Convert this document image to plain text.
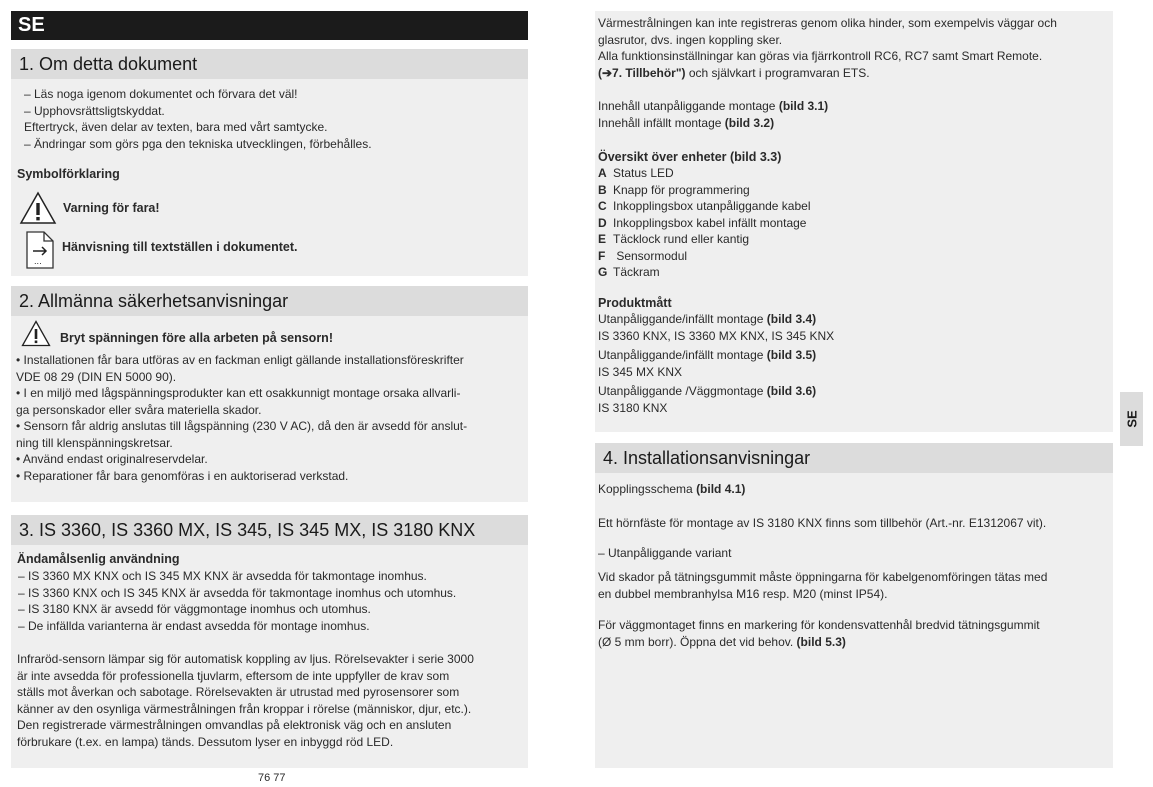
SE
1. Om detta dokument
– Läs noga igenom dokumentet och förvara det väl!
– Upphovsrättsligtskyddat.
Eftertryck, även delar av texten, bara med vårt samtycke.
– Ändringar som görs pga den tekniska utvecklingen, förbehålles.
Symbolförklaring
Varning för fara!
...
Hänvisning till textställen i dokumentet.
2. Allmänna säkerhetsanvisningar
Bryt spänningen före alla arbeten på sensorn!
• Installationen får bara utföras av en fackman enligt gällande installationsföreskrifter
VDE 08 29 (DIN EN 5000 90).
• I en miljö med lågspänningsprodukter kan ett osakkunnigt montage orsaka allvarli-
ga personskador eller svåra materiella skador.
• Sensorn får aldrig anslutas till lågspänning (230 V AC), då den är avsedd för anslut-
ning till klenspänningskretsar.
• Använd endast originalreservdelar.
• Reparationer får bara genomföras i en auktoriserad verkstad.
3. IS 3360, IS 3360 MX, IS 345, IS 345 MX, IS 3180 KNX
Ändamålsenlig användning
– IS 3360 MX KNX och IS 345 MX KNX är avsedda för takmontage inomhus.
– IS 3360 KNX och IS 345 KNX är avsedda för takmontage inomhus och utomhus.
– IS 3180 KNX är avsedd för väggmontage inomhus och utomhus.
– De infällda varianterna är endast avsedda för montage inomhus.
Infraröd-sensorn lämpar sig för automatisk koppling av ljus. Rörelsevakter i serie 3000
är inte avsedda för professionella tjuvlarm, eftersom de inte uppfyller de krav som
ställs mot åverkan och sabotage. Rörelsevakten är utrustad med pyrosensorer som
känner av den osynliga värmestrålningen från kroppar i rörelse (människor, djur, etc.).
Den registrerade värmestrålningen omvandlas på elektronisk väg och en ansluten
förbrukare (t.ex. en lampa) tänds. Dessutom lyser en inbyggd röd LED.
76 77
Värmestrålningen kan inte registreras genom olika hinder, som exempelvis väggar och
glasrutor, dvs. ingen koppling sker.
Alla funktionsinställningar kan göras via fjärrkontroll RC6, RC7 samt Smart Remote.
(➔7. Tillbehör") och självkart i programvaran ETS.
Innehåll utanpåliggande montage (bild 3.1)
Innehåll infällt montage (bild 3.2)
Översikt över enheter (bild 3.3)
A Status LED
B Knapp för programmering
C Inkopplingsbox utanpåliggande kabel
D Inkopplingsbox kabel infällt montage
E Täcklock rund eller kantig
F Sensormodul
G Täckram
Produktmått
Utanpåliggande/infällt montage (bild 3.4)
IS 3360 KNX, IS 3360 MX KNX, IS 345 KNX
Utanpåliggande/infällt montage (bild 3.5)
IS 345 MX KNX
Utanpåliggande /Väggmontage (bild 3.6)
IS 3180 KNX
SE
4. Installationsanvisningar
Kopplingsschema (bild 4.1)
Ett hörnfäste för montage av IS 3180 KNX finns som tillbehör (Art.-nr. E1312067 vit).
– Utanpåliggande variant
Vid skador på tätningsgummit måste öppningarna för kabelgenomföringen tätas med
en dubbel membranhylsa M16 resp. M20 (minst IP54).
För väggmontaget finns en markering för kondensvattenhål bredvid tätningsgummit
(Ø 5 mm borr). Öppna det vid behov. (bild 5.3)
